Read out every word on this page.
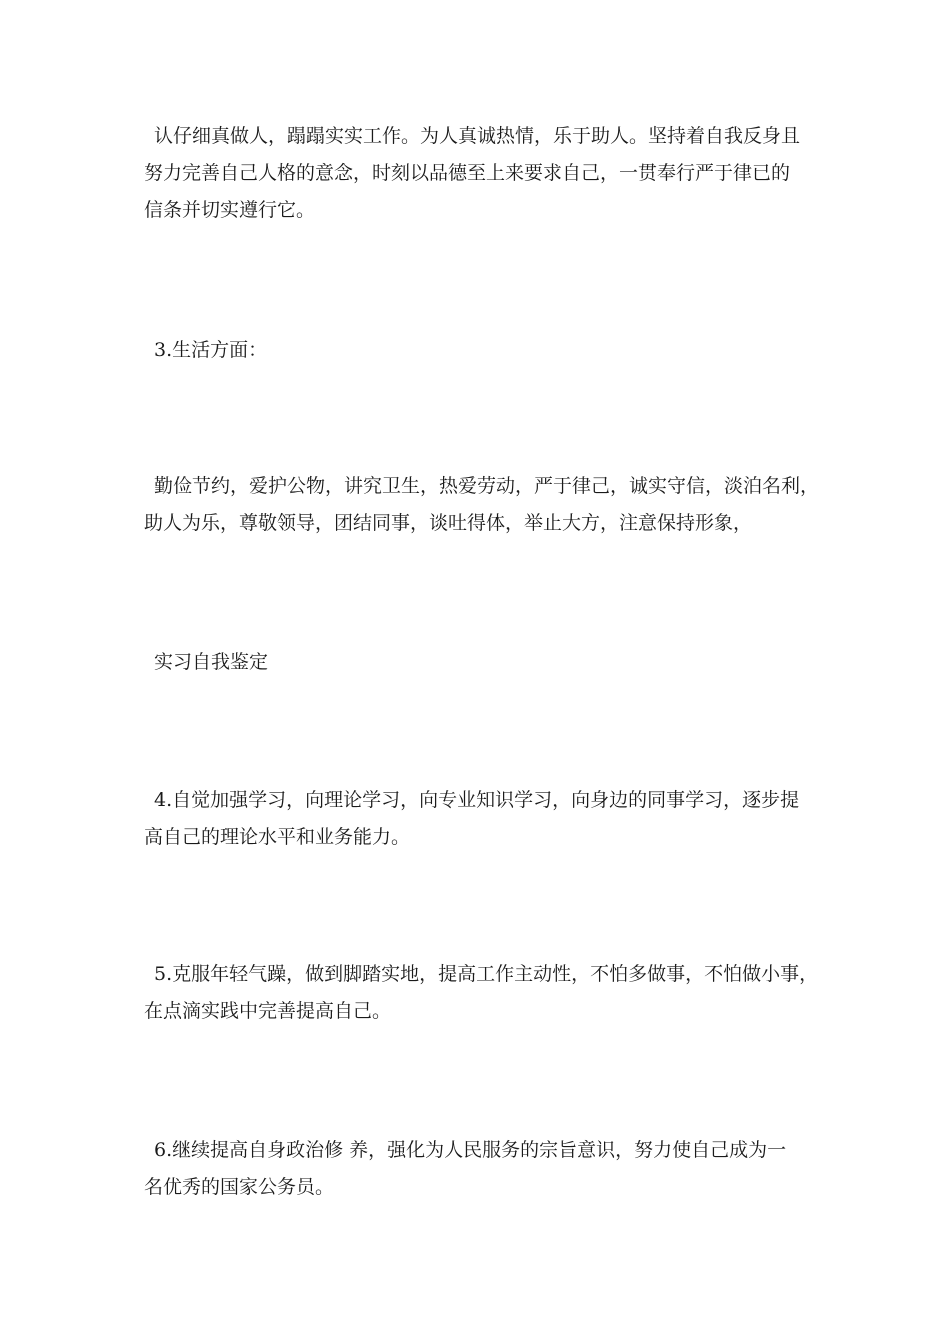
认仔细真做人，蹋蹋实实工作。为人真诚热情，乐于助人。坚持着自我反身且
努力完善自己人格的意念，时刻以品德至上来要求自己，一贯奉行严于律已的
信条并切实遵行它。

3.生活方面：

勤俭节约，爱护公物，讲究卫生，热爱劳动，严于律己，诚实守信，淡泊名利，
助人为乐，尊敬领导，团结同事，谈吐得体，举止大方，注意保持形象，

实习自我鉴定

4.自觉加强学习，向理论学习，向专业知识学习，向身边的同事学习，逐步提
高自己的理论水平和业务能力。

5.克服年轻气躁，做到脚踏实地，提高工作主动性，不怕多做事，不怕做小事，
在点滴实践中完善提高自己。

6.继续提高自身政治修 养，强化为人民服务的宗旨意识，努力使自己成为一
名优秀的国家公务员。
